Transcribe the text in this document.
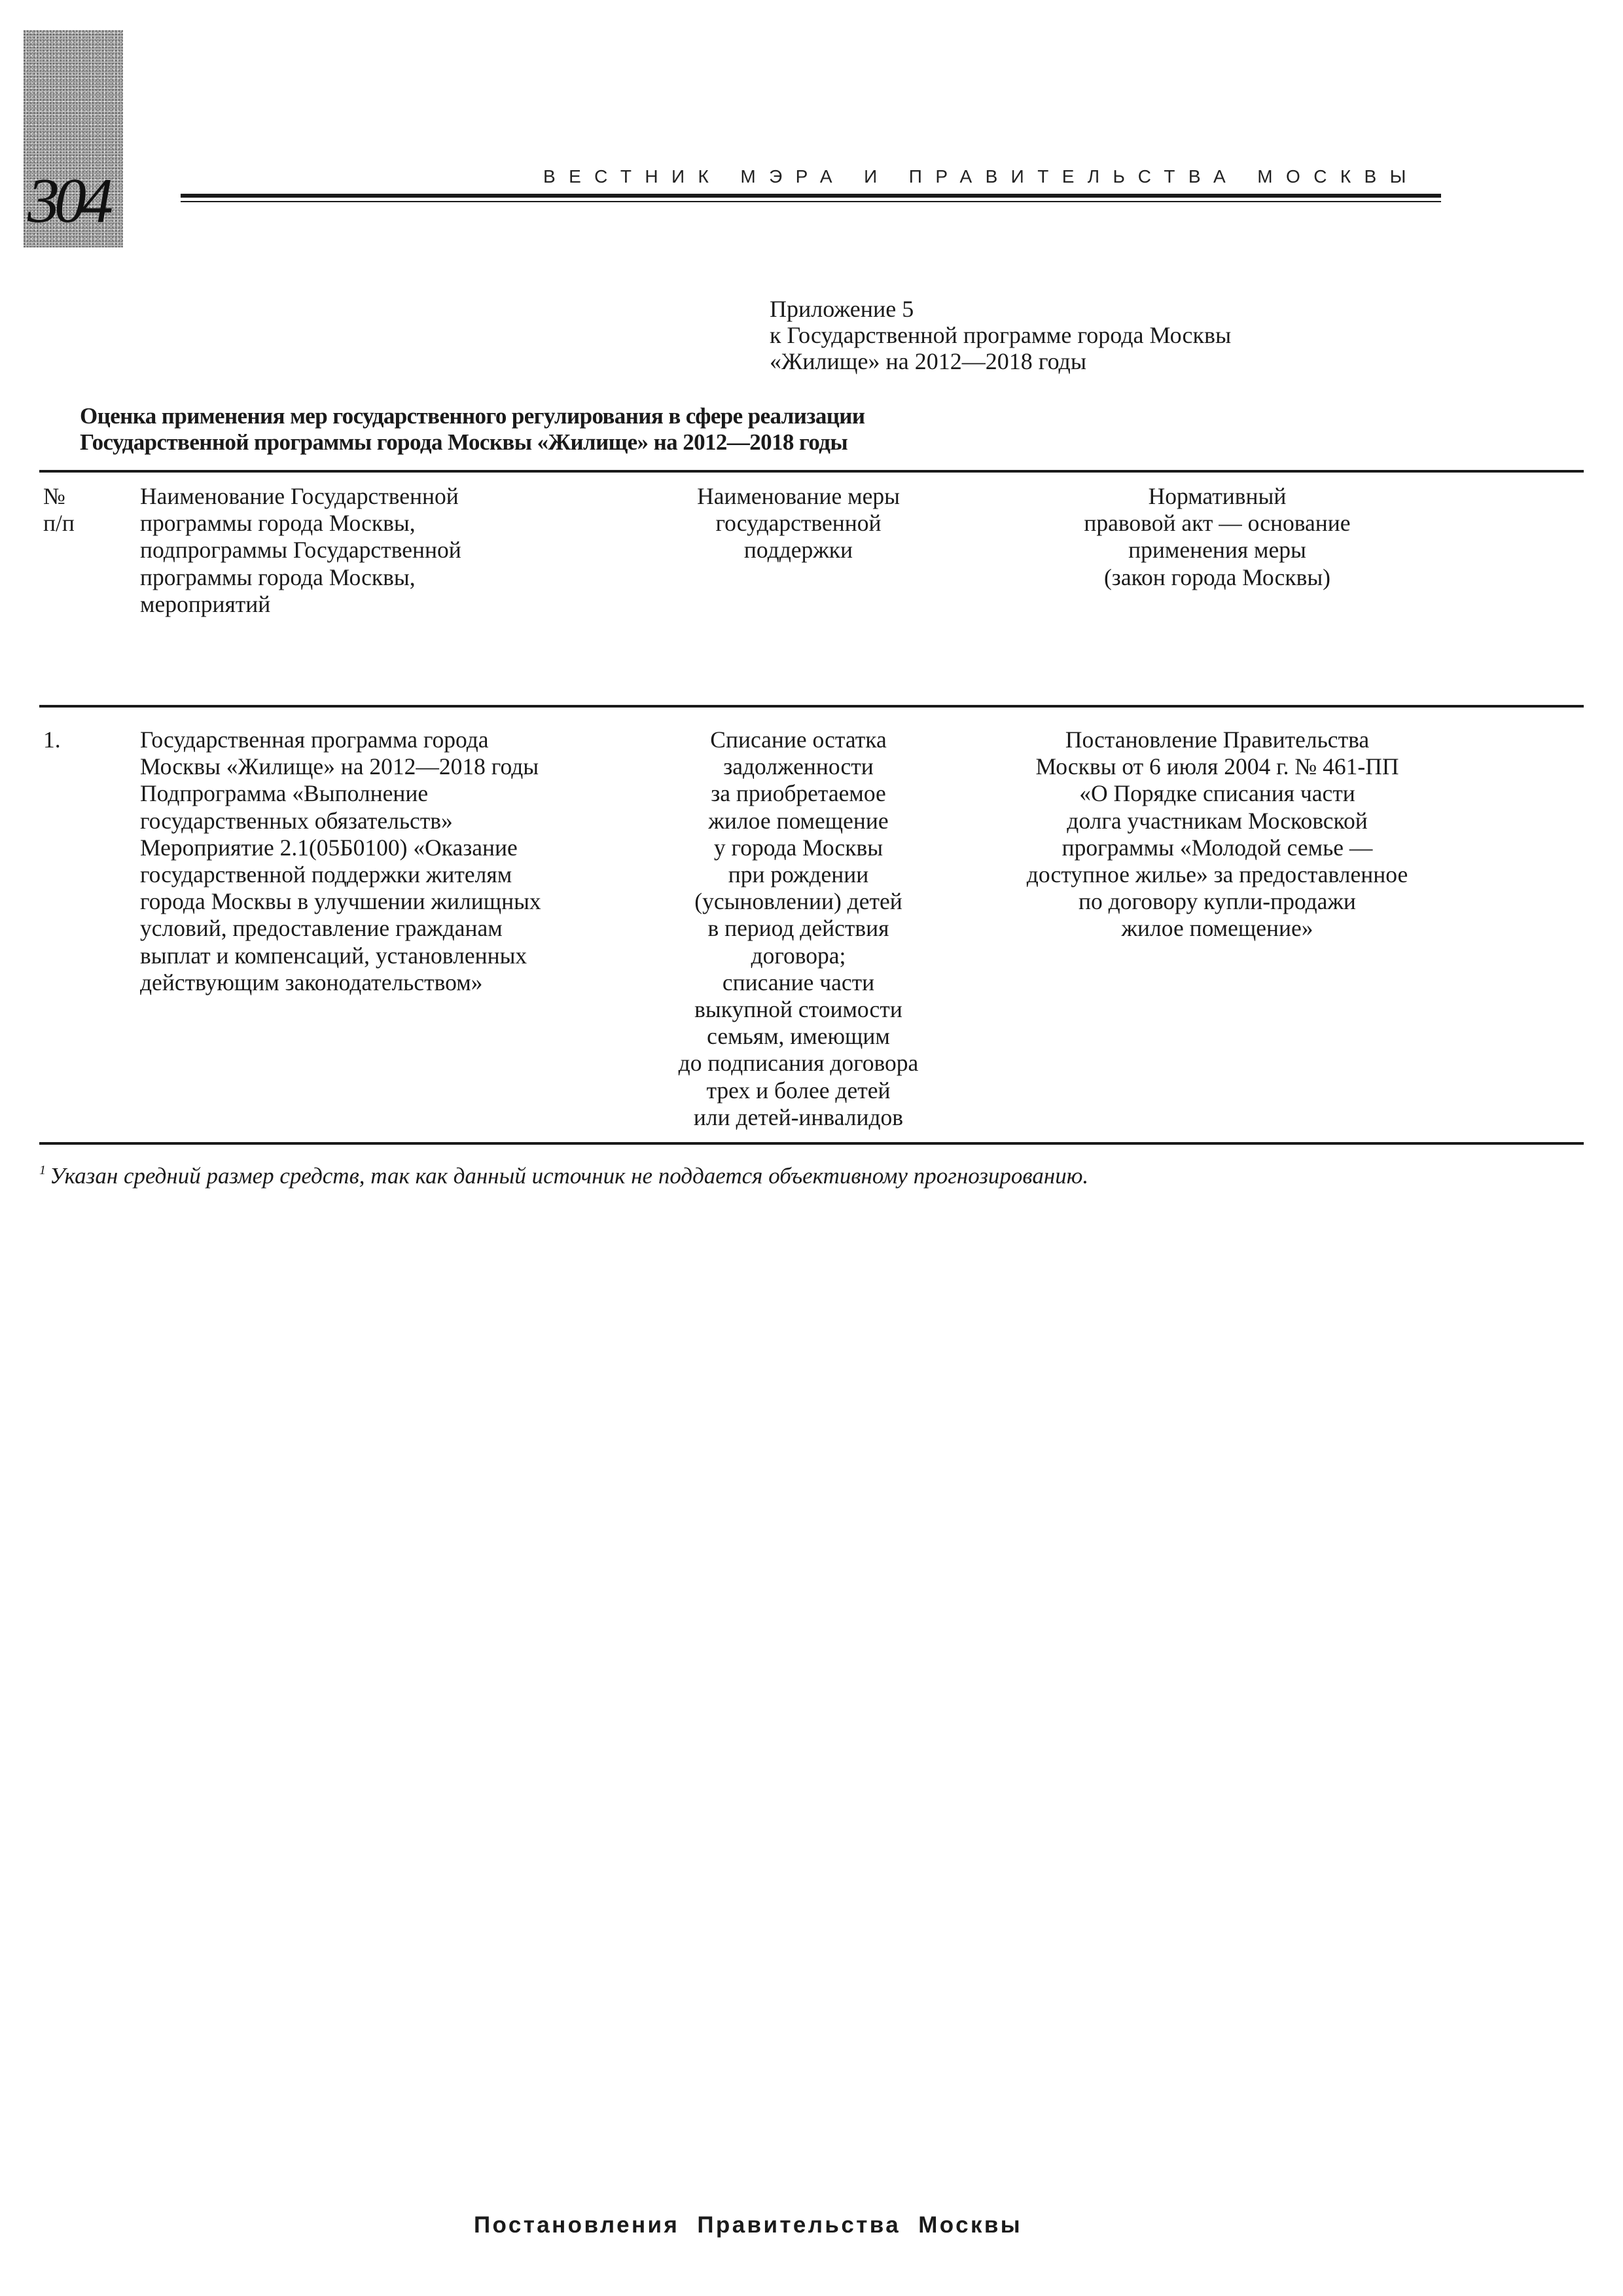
304	ВЕСТНИК МЭРА И ПРАВИТЕЛЬСТВА МОСКВЫ
Приложение 5
к Государственной программе города Москвы
«Жилище» на 2012—2018 годы
Оценка применения мер государственного регулирования в сфере реализации
Государственной программы города Москвы «Жилище» на 2012—2018 годы
№
п/п
Наименование Государственной
программы города Москвы,
подпрограммы Государственной
программы города Москвы,
мероприятий
Наименование меры
государственной
поддержки
Нормативный
правовой акт — основание
применения меры
(закон города Москвы)
1.	Государственная программа города
Москвы «Жилище» на 2012—2018 годы
Подпрограмма «Выполнение
государственных обязательств»
Мероприятие 2.1(05Б0100) «Оказание
государственной поддержки жителям
города Москвы в улучшении жилищных
условий, предоставление гражданам
выплат и компенсаций, установленных
действующим законодательством»
Списание остатка
задолженности
за приобретаемое
жилое помещение
у города Москвы
при рождении
(усыновлении) детей
в период действия
договора;
списание части
выкупной стоимости
семьям, имеющим
до подписания договора
трех и более детей
или детей-инвалидов
Постановление Правительства
Москвы от 6 июля 2004 г. № 461-ПП
«О Порядке списания части
долга участникам Московской
программы «Молодой семье —
доступное жилье» за предоставленное
по договору купли-продажи
жилое помещение»
$^1$ Указан средний размер средств, так как данный источник не поддается объективному прогнозированию.
Постановления Правительства Москвы
